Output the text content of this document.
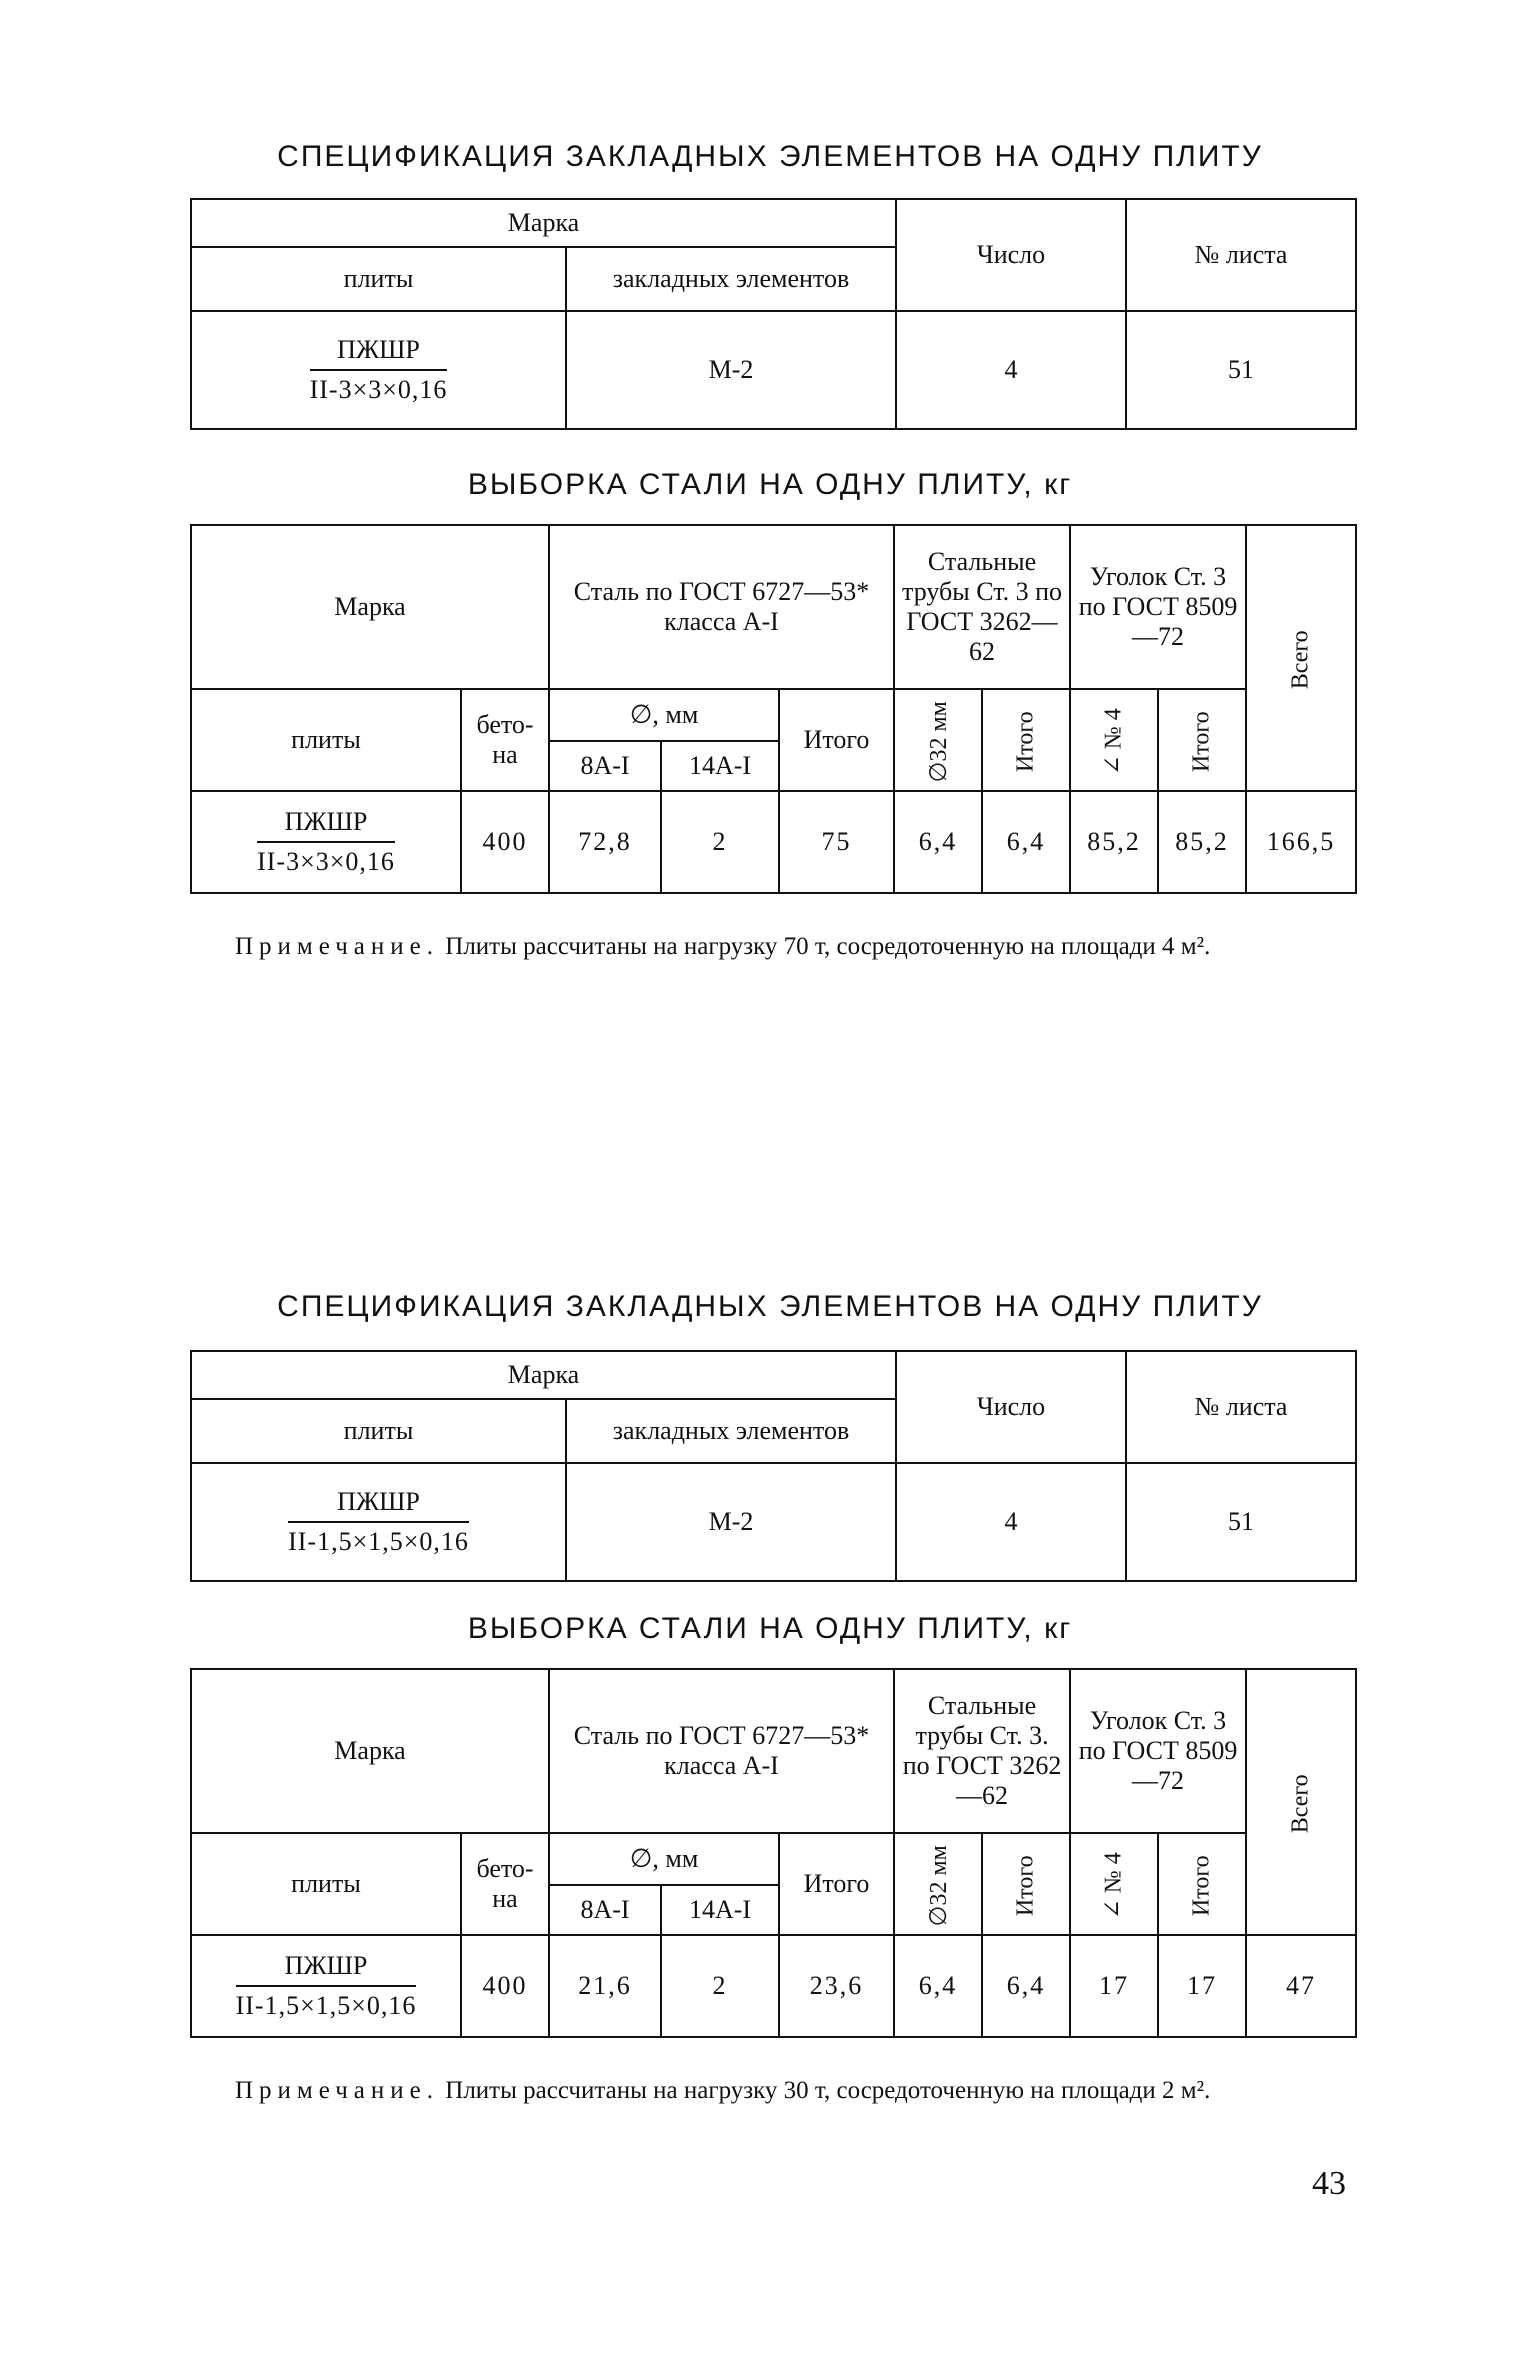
СПЕЦИФИКАЦИЯ ЗАКЛАДНЫХ ЭЛЕМЕНТОВ НА ОДНУ ПЛИТУ
Марка		Число	№ листа
плиты	закладных элементов		

$\frac{\text{ПЖШР}}{II-3\times 3\times 0,16}$	М-2	4	51
ВЫБОРКА СТАЛИ НА ОДНУ ПЛИТУ, кг
Марка		Сталь по ГОСТ 6727—53* класса А-I			Стальные трубы Ст. 3 по ГОСТ 3262—62		Уголок Ст. 3 по ГОСТ 8509—72		Всего
плиты	бето-на	∅, мм		Итого	∅32 мм	Итого	∠ № 4	Итого	
		8А-I	14А-I						

$\frac{\text{ПЖШР}}{II-3\times 3\times 0,16}$	400	72,8	2	75	6,4	6,4	85,2	85,2	166,5
Примечание. Плиты рассчитаны на нагрузку 70 т, сосредоточенную на площади 4 м².
СПЕЦИФИКАЦИЯ ЗАКЛАДНЫХ ЭЛЕМЕНТОВ НА ОДНУ ПЛИТУ
Марка		Число	№ листа
плиты	закладных элементов		

$\frac{\text{ПЖШР}}{II-1,5\times 1,5\times 0,16}$	М-2	4	51
ВЫБОРКА СТАЛИ НА ОДНУ ПЛИТУ, кг
Марка		Сталь по ГОСТ 6727—53* класса А-I			Стальные трубы Ст. 3. по ГОСТ 3262—62		Уголок Ст. 3 по ГОСТ 8509—72		Всего
плиты	бето-на	∅, мм		Итого	∅32 мм	Итого	∠ № 4	Итого	
		8А-I	14А-I						

$\frac{\text{ПЖШР}}{II-1,5\times 1,5\times 0,16}$	400	21,6	2	23,6	6,4	6,4	17	17	47
Примечание. Плиты рассчитаны на нагрузку 30 т, сосредоточенную на площади 2 м².
43
